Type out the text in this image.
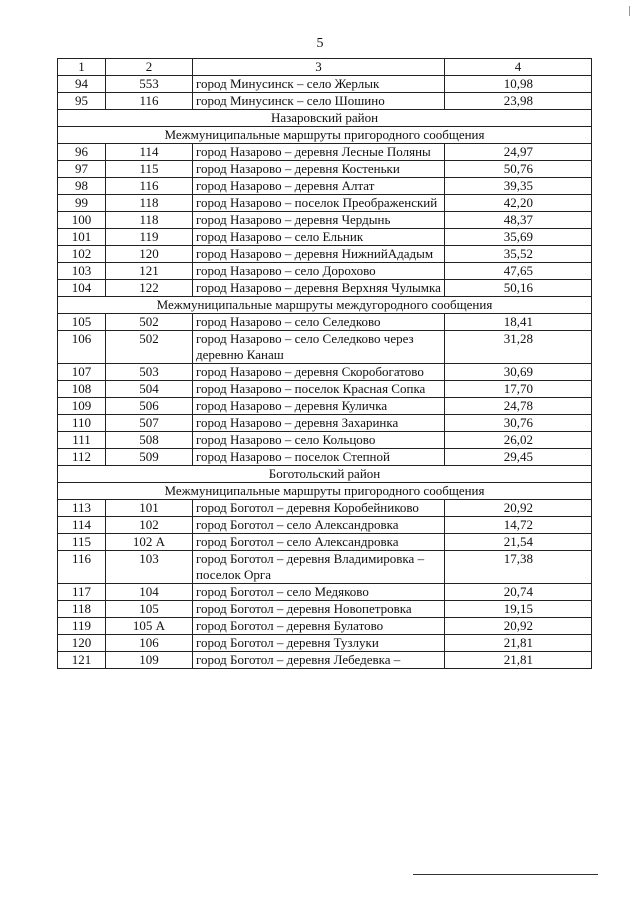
5
1	2	3	4
94	553	город Минусинск – село Жерлык	10,98
95	116	город Минусинск – село Шошино	23,98
Назаровский район			
Межмуниципальные маршруты пригородного сообщения			
96	114	город Назарово – деревня Лесные Поляны	24,97
97	115	город Назарово – деревня Костеньки	50,76
98	116	город Назарово – деревня Алтат	39,35
99	118	город Назарово – поселок Преображенский	42,20
100	118	город Назарово – деревня Чердынь	48,37
101	119	город Назарово – село Ельник	35,69
102	120	город Назарово – деревня НижнийАдадым	35,52
103	121	город Назарово – село Дорохово	47,65
104	122	город Назарово – деревня Верхняя Чулымка	50,16
Межмуниципальные маршруты междугородного сообщения			
105	502	город Назарово – село Селедково	18,41
106	502	город Назарово – село Селедково через деревню Канаш	31,28
107	503	город Назарово – деревня Скоробогатово	30,69
108	504	город Назарово – поселок Красная Сопка	17,70
109	506	город Назарово – деревня Куличка	24,78
110	507	город Назарово – деревня Захаринка	30,76
111	508	город Назарово – село Кольцово	26,02
112	509	город Назарово – поселок Степной	29,45
Боготольский район			
Межмуниципальные маршруты пригородного сообщения			
113	101	город Боготол – деревня Коробейниково	20,92
114	102	город Боготол – село Александровка	14,72
115	102 А	город Боготол – село Александровка	21,54
116	103	город Боготол – деревня Владимировка – поселок Орга	17,38
117	104	город Боготол – село Медяково	20,74
118	105	город Боготол – деревня Новопетровка	19,15
119	105 А	город Боготол – деревня Булатово	20,92
120	106	город Боготол – деревня Тузлуки	21,81
121	109	город Боготол – деревня Лебедевка –	21,81
